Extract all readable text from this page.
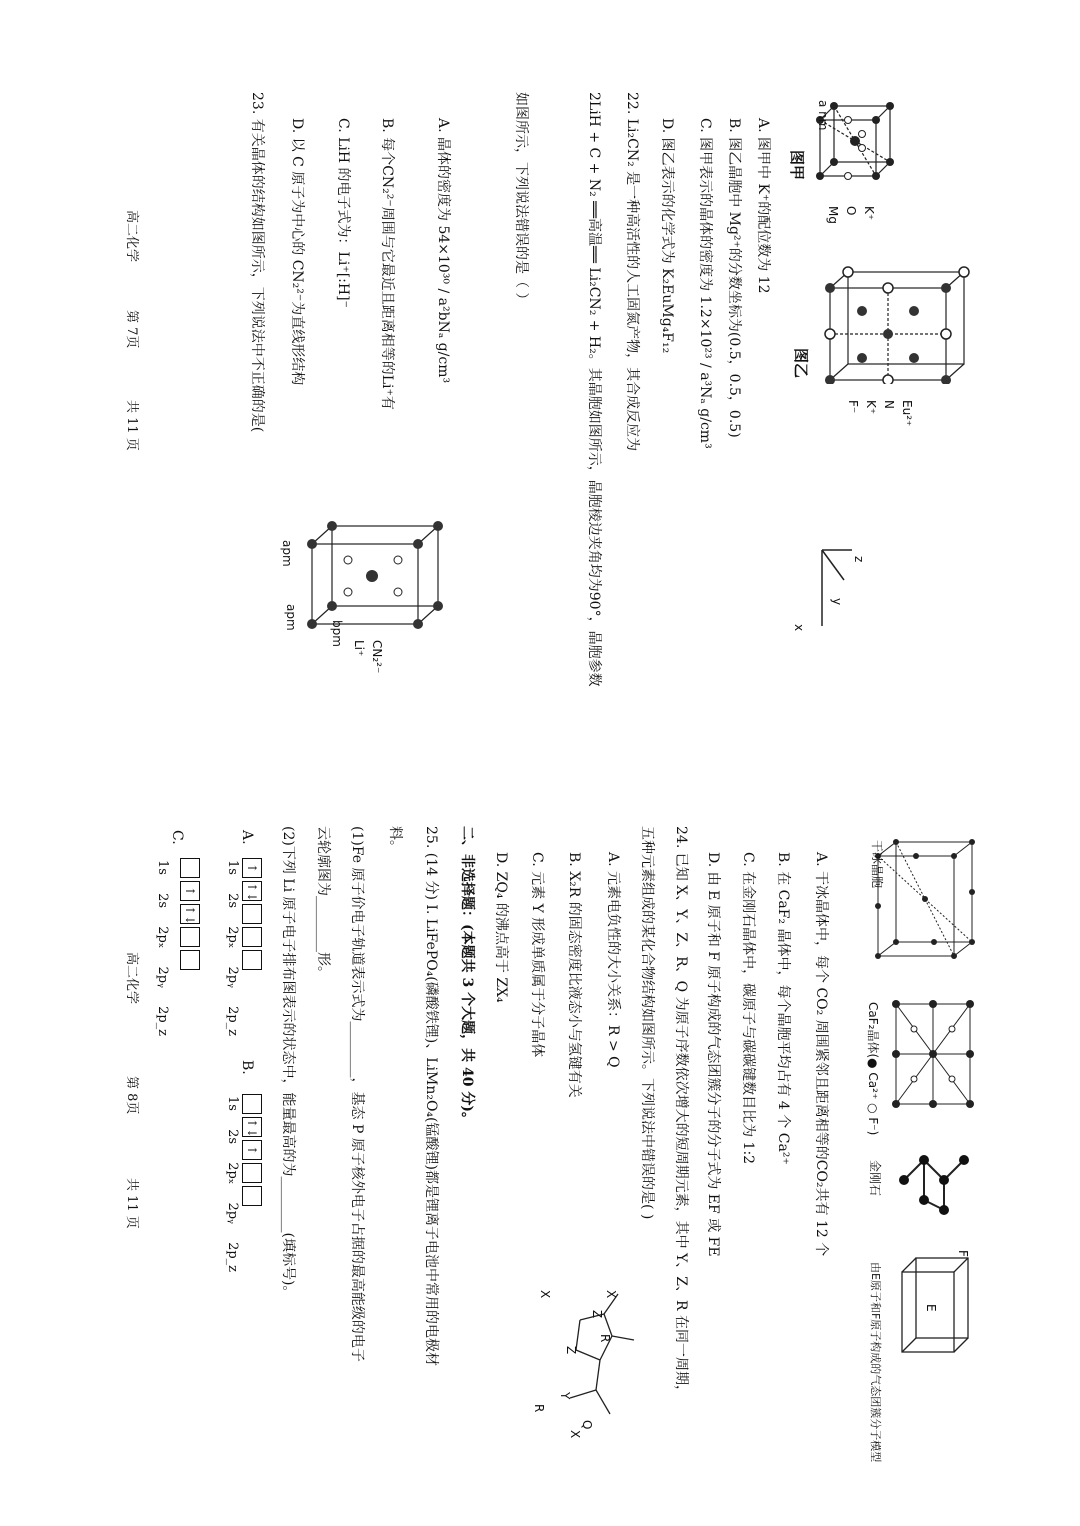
a nm
K⁺
O
Mg
图甲
Eu²⁺
N
K⁺
F⁻
图乙
z
y
x
A. 图甲中 K⁺的配位数为 12
B. 图乙晶胞中 Mg²⁺的分数坐标为(0.5，0.5，0.5)
C. 图甲表示的晶体的密度为 1.2×10²³ / a³Nₐ g/cm³
D. 图乙表示的化学式为 K₂EuMg₄F₁₂
22. Li₂CN₂ 是一种高活性的人工固氮产物，其合成反应为
2LiH + C + N₂ ══高温══ Li₂CN₂ + H₂。其晶胞如图所示，晶胞棱边夹角均为90°，晶胞参数
如图所示，下列说法错误的是（ ）
A. 晶体的密度为 54×10³⁰ / a²bNₐ g/cm³
B. 每个CN₂²⁻周围与它最近且距离相等的Li⁺有
C. LiH 的电子式为：Li⁺[:H]⁻
D. 以 C 原子为中心的 CN₂²⁻为直线形结构
23. 有关晶体的结构如图所示，下列说法中不正确的是(
apm
apm
bpm
CN₂²⁻
Li⁺
高二化学
第 7页
共 11 页
干冰晶胞
CaF₂晶体(● Ca²⁺ ○ F⁻)
金刚石
F
E
由E原子和F原子构成的气态团簇分子模型
A. 干冰晶体中，每个 CO₂ 周围紧邻且距离相等的CO₂共有 12 个
B. 在 CaF₂ 晶体中，每个晶胞平均占有 4 个 Ca²⁺
C. 在金刚石晶体中，碳原子与碳碳键数目比为 1:2
D. 由 E 原子和 F 原子构成的气态团簇分子的分子式为 EF 或 FE
24. 已知 X、Y、Z、R、Q 为原子序数依次增大的短周期元素，其中 Y、Z、R 在同一周期，
五种元素组成的某化合物结构如图所示。下列说法中错误的是( )
A. 元素电负性的大小关系：R > Q
B. X₂R 的固态密度比液态小与氢键有关
C. 元素 Y 形成单质属于分子晶体
D. ZQ₄ 的沸点高于 ZX₄
二、非选择题：(本题共 3 个大题，共 40 分)。
25. (14 分) I. LiFePO₄(磷酸铁锂)、LiMn₂O₄(锰酸锂)都是锂离子电池中常用的电极材
料。
(1)Fe 原子价电子轨道表示式为________，基态 P 原子核外电子占据的最高能级的电子
云轮廓图为________形。
(2)下列 Li 原子电子排布图表示的状态中，能量最高的为________(填标号)。	X
Z
R
Q
Z
Y
X
R
X
A.
↑↑↓
1s 2s 2pₓ 2pᵧ 2p_z
B.
↑↓↑
1s 2s 2pₓ 2pᵧ 2p_z
C.
↑↑↓
1s 2s 2pₓ 2pᵧ 2p_z
高二化学
第 8页
共 11 页
